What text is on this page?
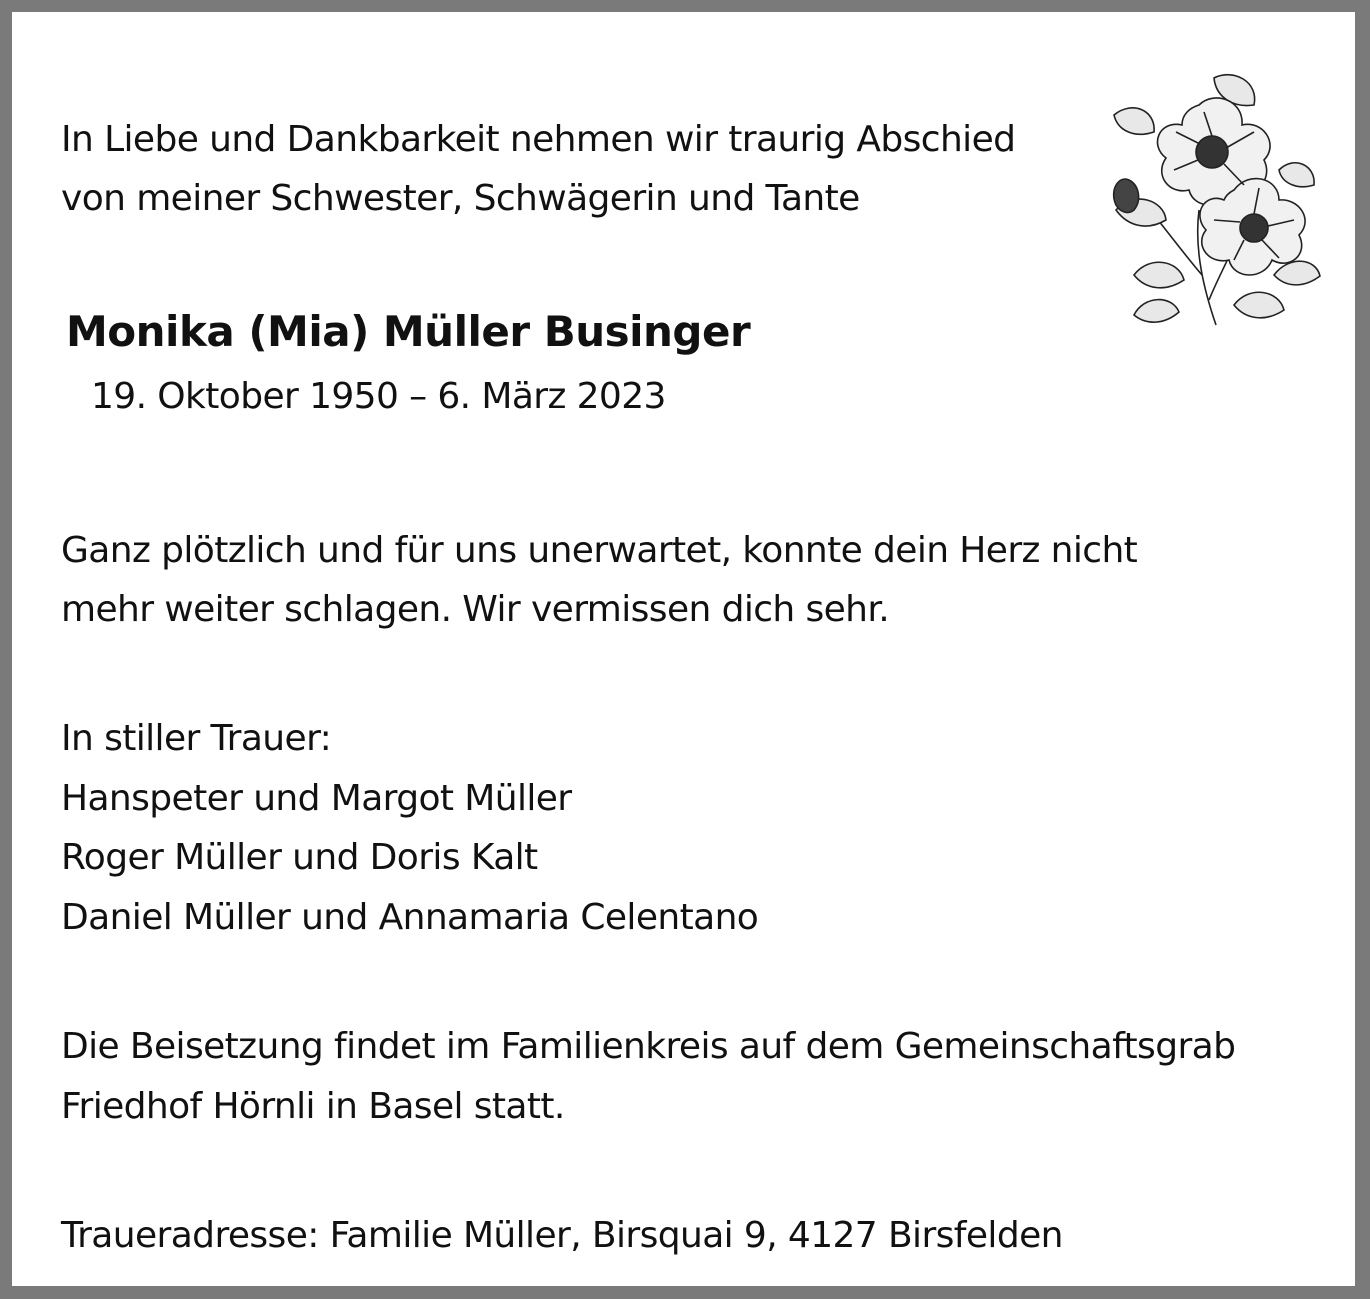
In Liebe und Dankbarkeit nehmen wir traurig Abschied

von meiner Schwester, Schwägerin und Tante

Monika (Mia) Müller Businger

19. Oktober 1950 – 6. März 2023

Ganz plötzlich und für uns unerwartet, konnte dein Herz nicht

mehr weiter schlagen. Wir vermissen dich sehr.

In stiller Trauer:

Hanspeter und Margot Müller

Roger Müller und Doris Kalt

Daniel Müller und Annamaria Celentano

Die Beisetzung findet im Familienkreis auf dem Gemeinschaftsgrab

Friedhof Hörnli in Basel statt.

Traueradresse: Familie Müller, Birsquai 9, 4127 Birsfelden
